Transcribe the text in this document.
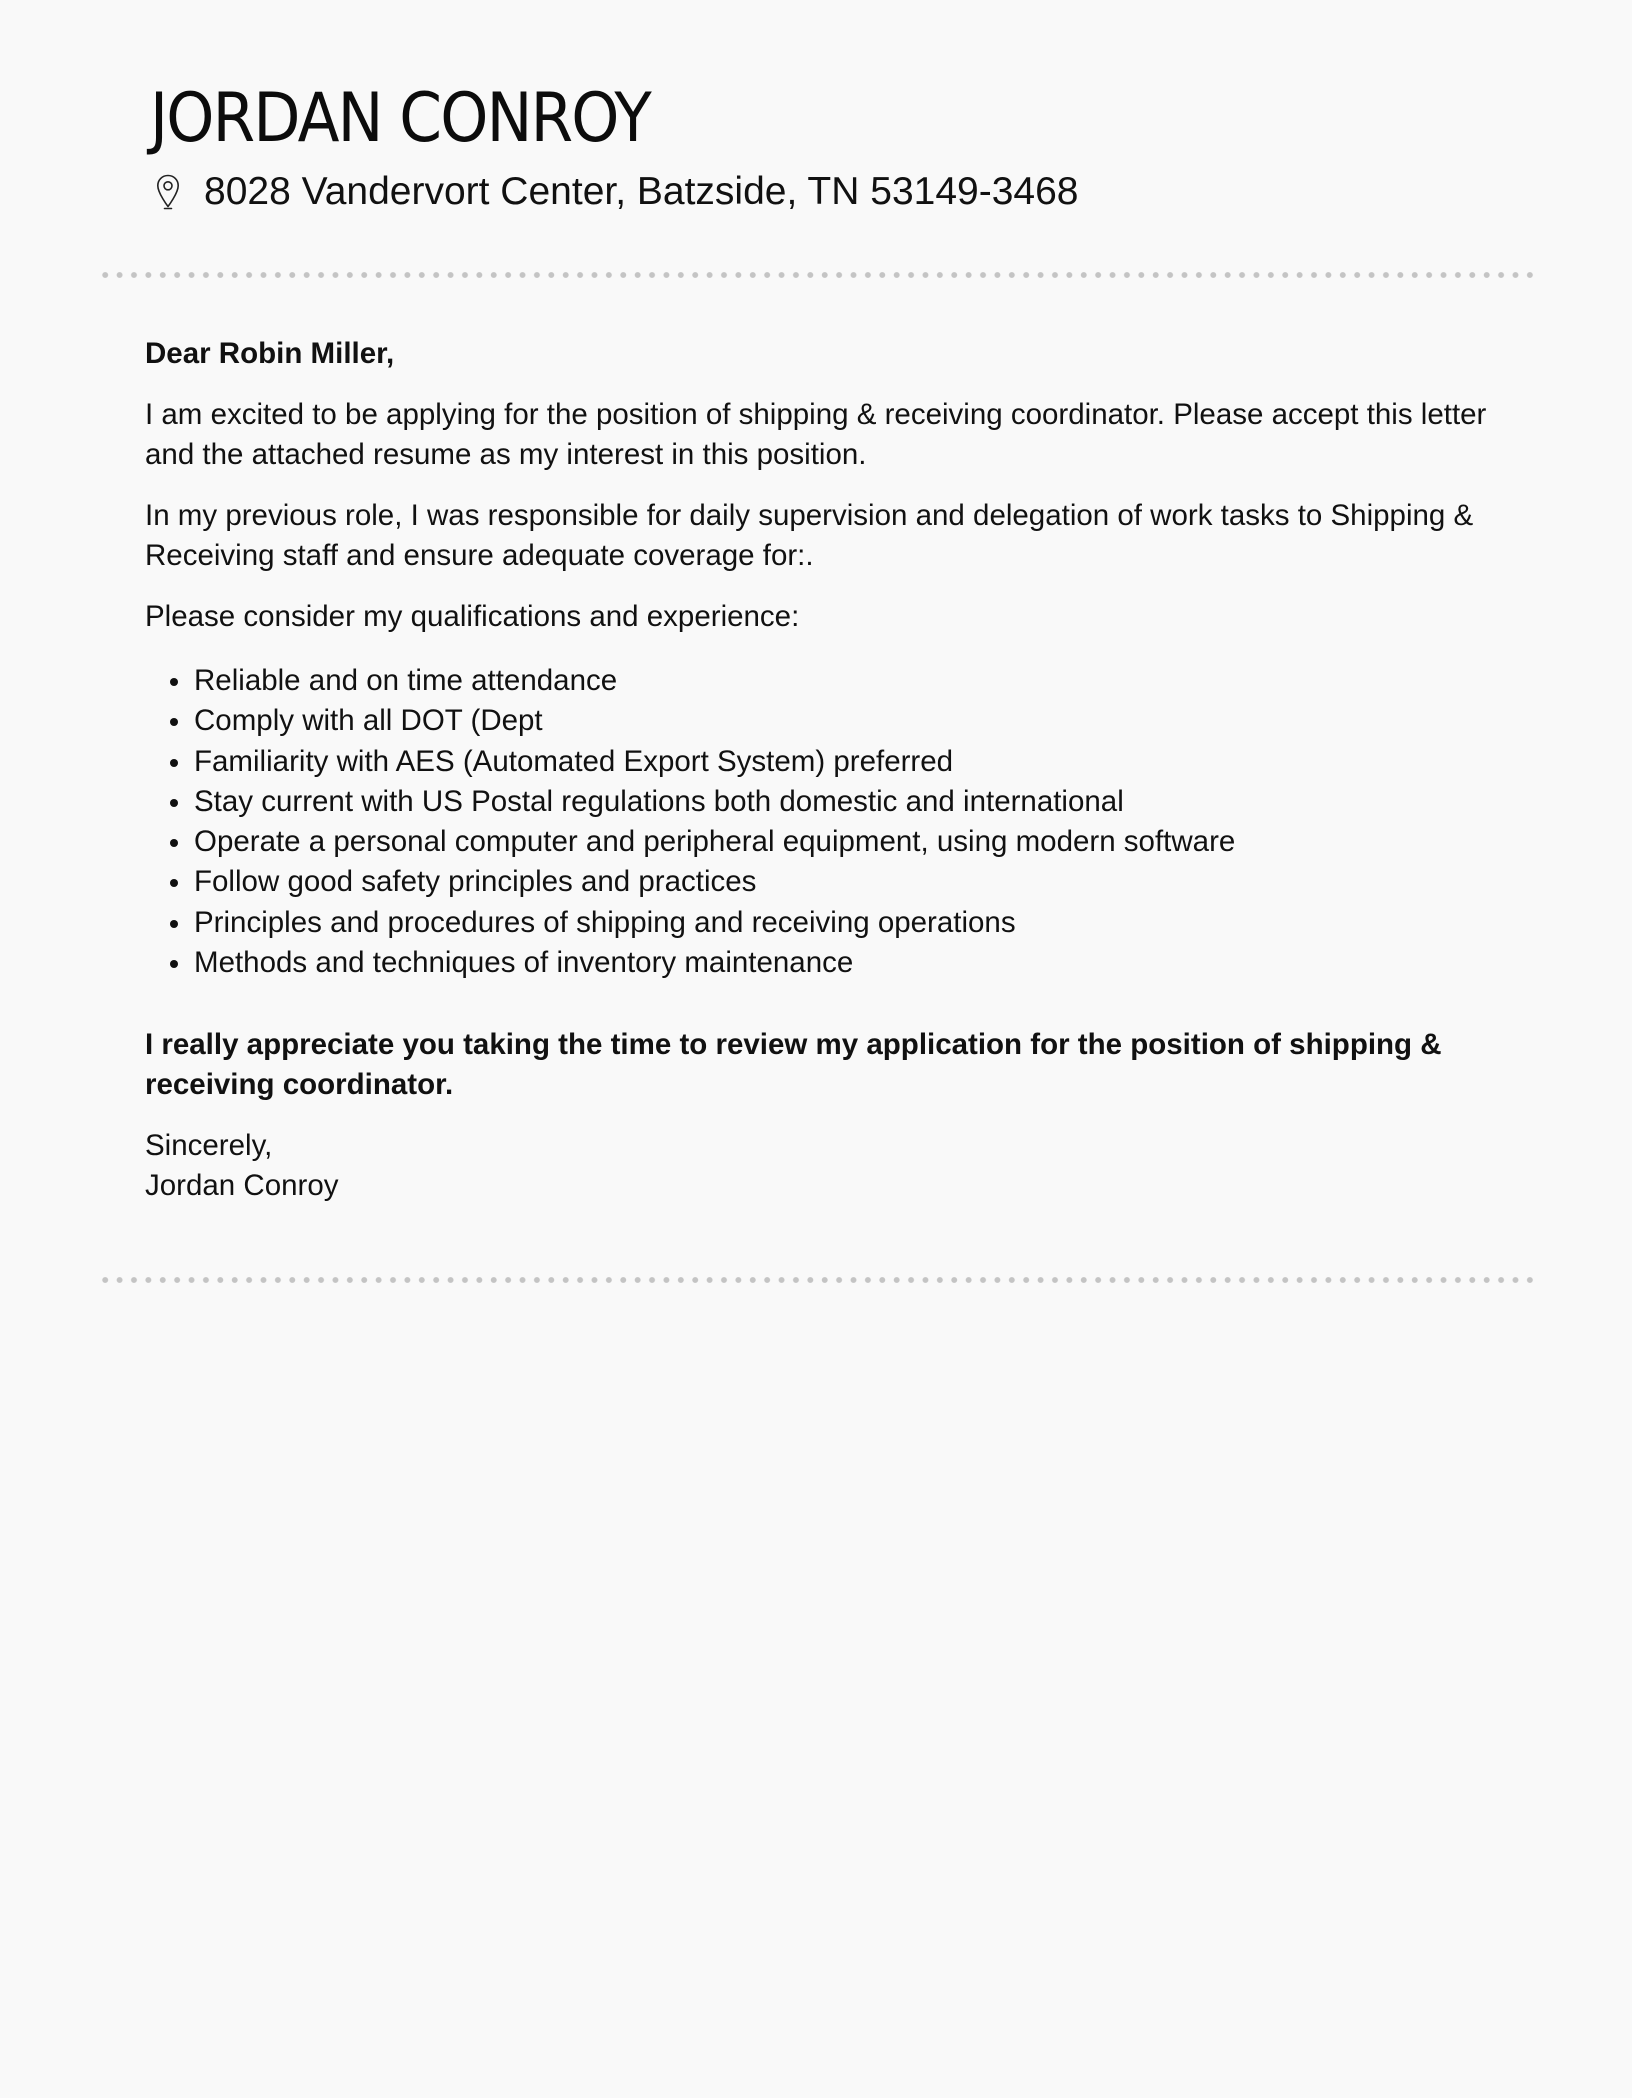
JORDAN CONROY
8028 Vandervort Center, Batzside, TN 53149-3468

Dear Robin Miller,

I am excited to be applying for the position of shipping & receiving coordinator. Please accept this letter and the attached resume as my interest in this position.

In my previous role, I was responsible for daily supervision and delegation of work tasks to Shipping & Receiving staff and ensure adequate coverage for:.

Please consider my qualifications and experience:

Reliable and on time attendance
Comply with all DOT (Dept
Familiarity with AES (Automated Export System) preferred
Stay current with US Postal regulations both domestic and international
Operate a personal computer and peripheral equipment, using modern software
Follow good safety principles and practices
Principles and procedures of shipping and receiving operations
Methods and techniques of inventory maintenance

I really appreciate you taking the time to review my application for the position of shipping & receiving coordinator.

Sincerely,
Jordan Conroy
